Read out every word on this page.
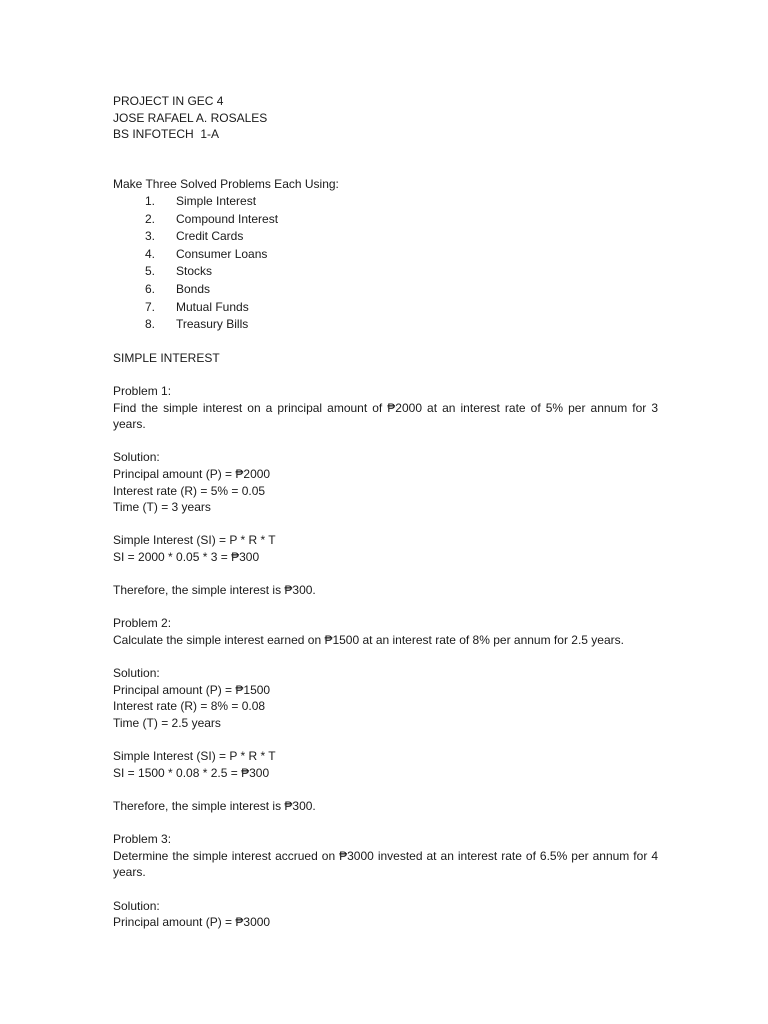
PROJECT IN GEC 4

JOSE RAFAEL A. ROSALES

BS INFOTECH  1-A

Make Three Solved Problems Each Using:

1.	Simple Interest
2.	Compound Interest
3.	Credit Cards
4.	Consumer Loans
5.	Stocks
6.	Bonds
7.	Mutual Funds
8.	Treasury Bills

SIMPLE INTEREST

Problem 1:

Find the simple interest on a principal amount of ₱2000 at an interest rate of 5% per annum for 3 years.

Solution:

Principal amount (P) = ₱2000

Interest rate (R) = 5% = 0.05

Time (T) = 3 years

Simple Interest (SI) = P * R * T

SI = 2000 * 0.05 * 3 = ₱300

Therefore, the simple interest is ₱300.

Problem 2:

Calculate the simple interest earned on ₱1500 at an interest rate of 8% per annum for 2.5 years.

Solution:

Principal amount (P) = ₱1500

Interest rate (R) = 8% = 0.08

Time (T) = 2.5 years

Simple Interest (SI) = P * R * T

SI = 1500 * 0.08 * 2.5 = ₱300

Therefore, the simple interest is ₱300.

Problem 3:

Determine the simple interest accrued on ₱3000 invested at an interest rate of 6.5% per annum for 4 years.

Solution:

Principal amount (P) = ₱3000
